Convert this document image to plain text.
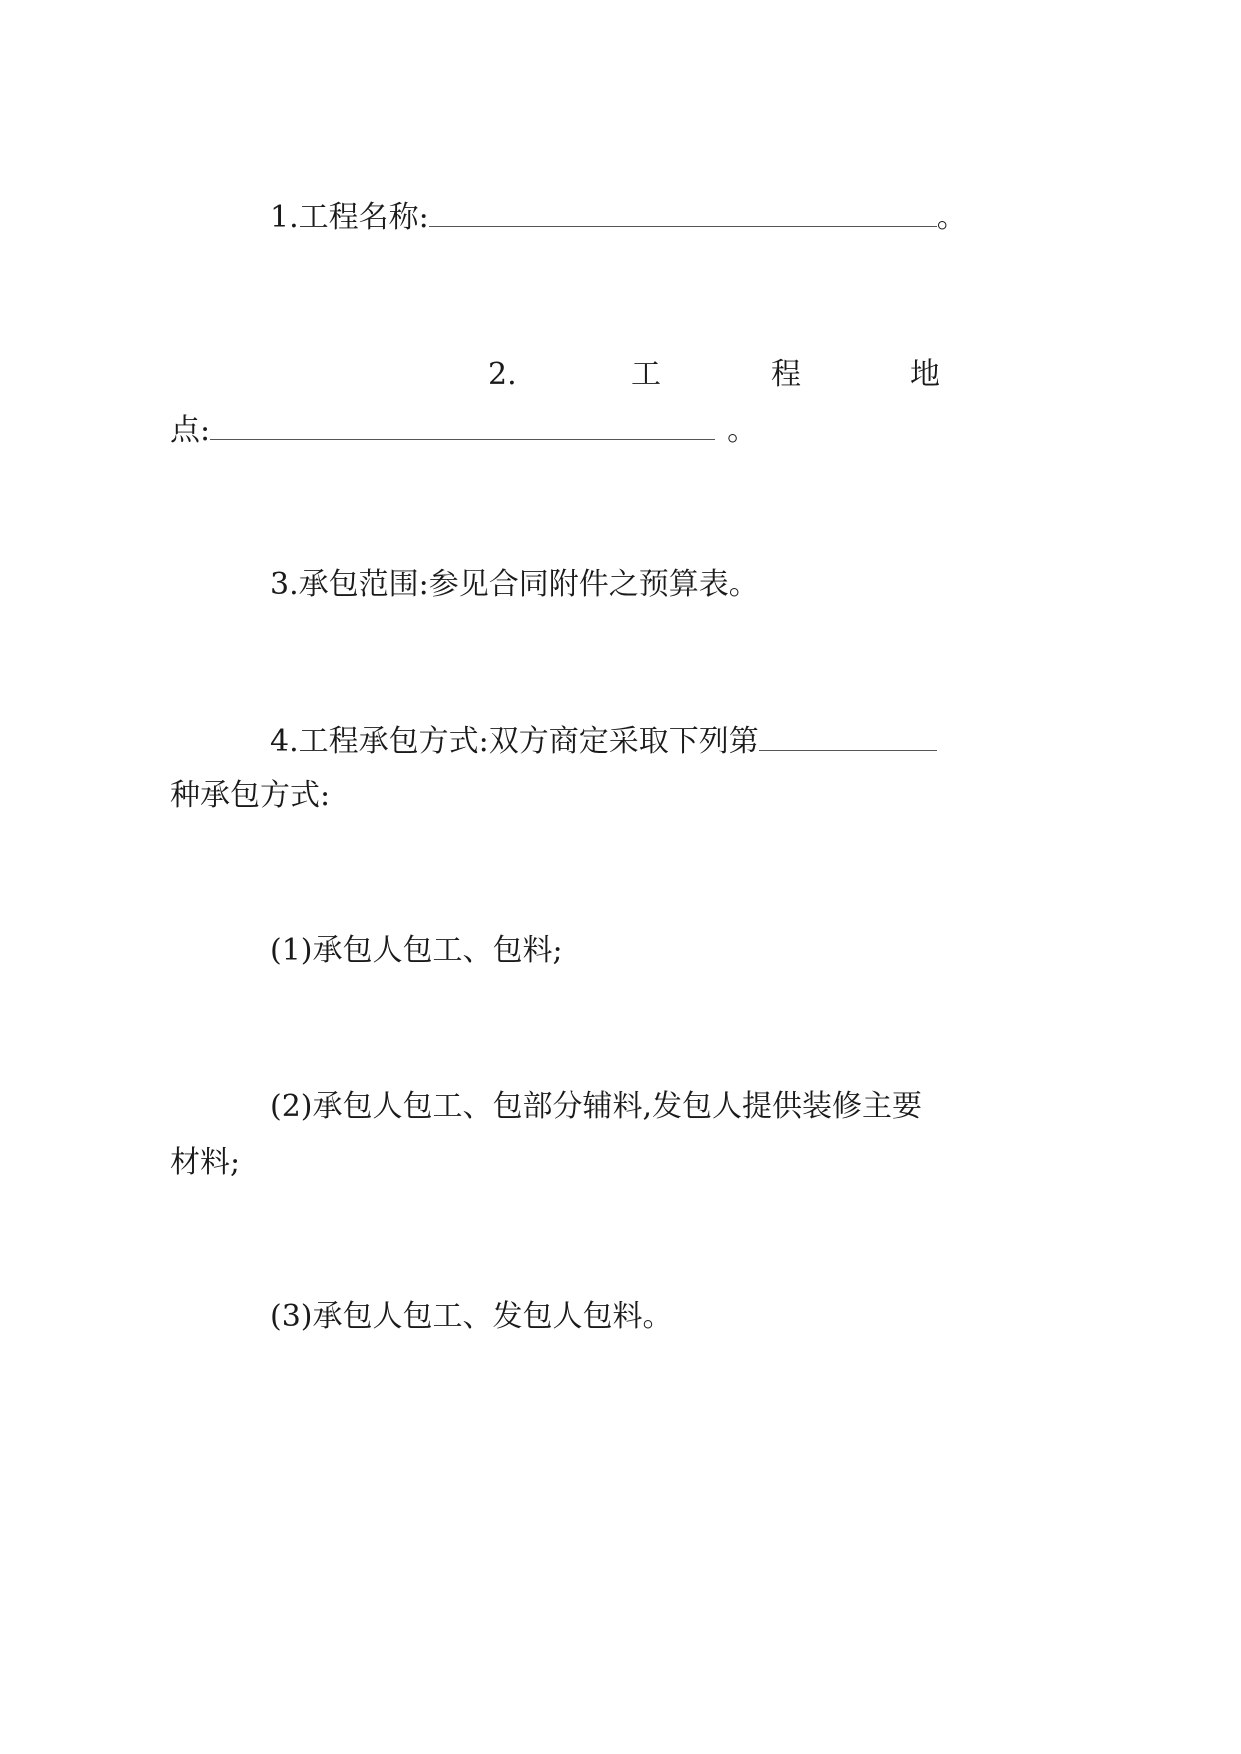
1.工程名称:	。
2.	工	程	地
点:	。
3.承包范围:参见合同附件之预算表。
4.工程承包方式:双方商定采取下列第
种承包方式:
(1)承包人包工、包料;
(2)承包人包工、包部分辅料,发包人提供装修主要
材料;
(3)承包人包工、发包人包料。
